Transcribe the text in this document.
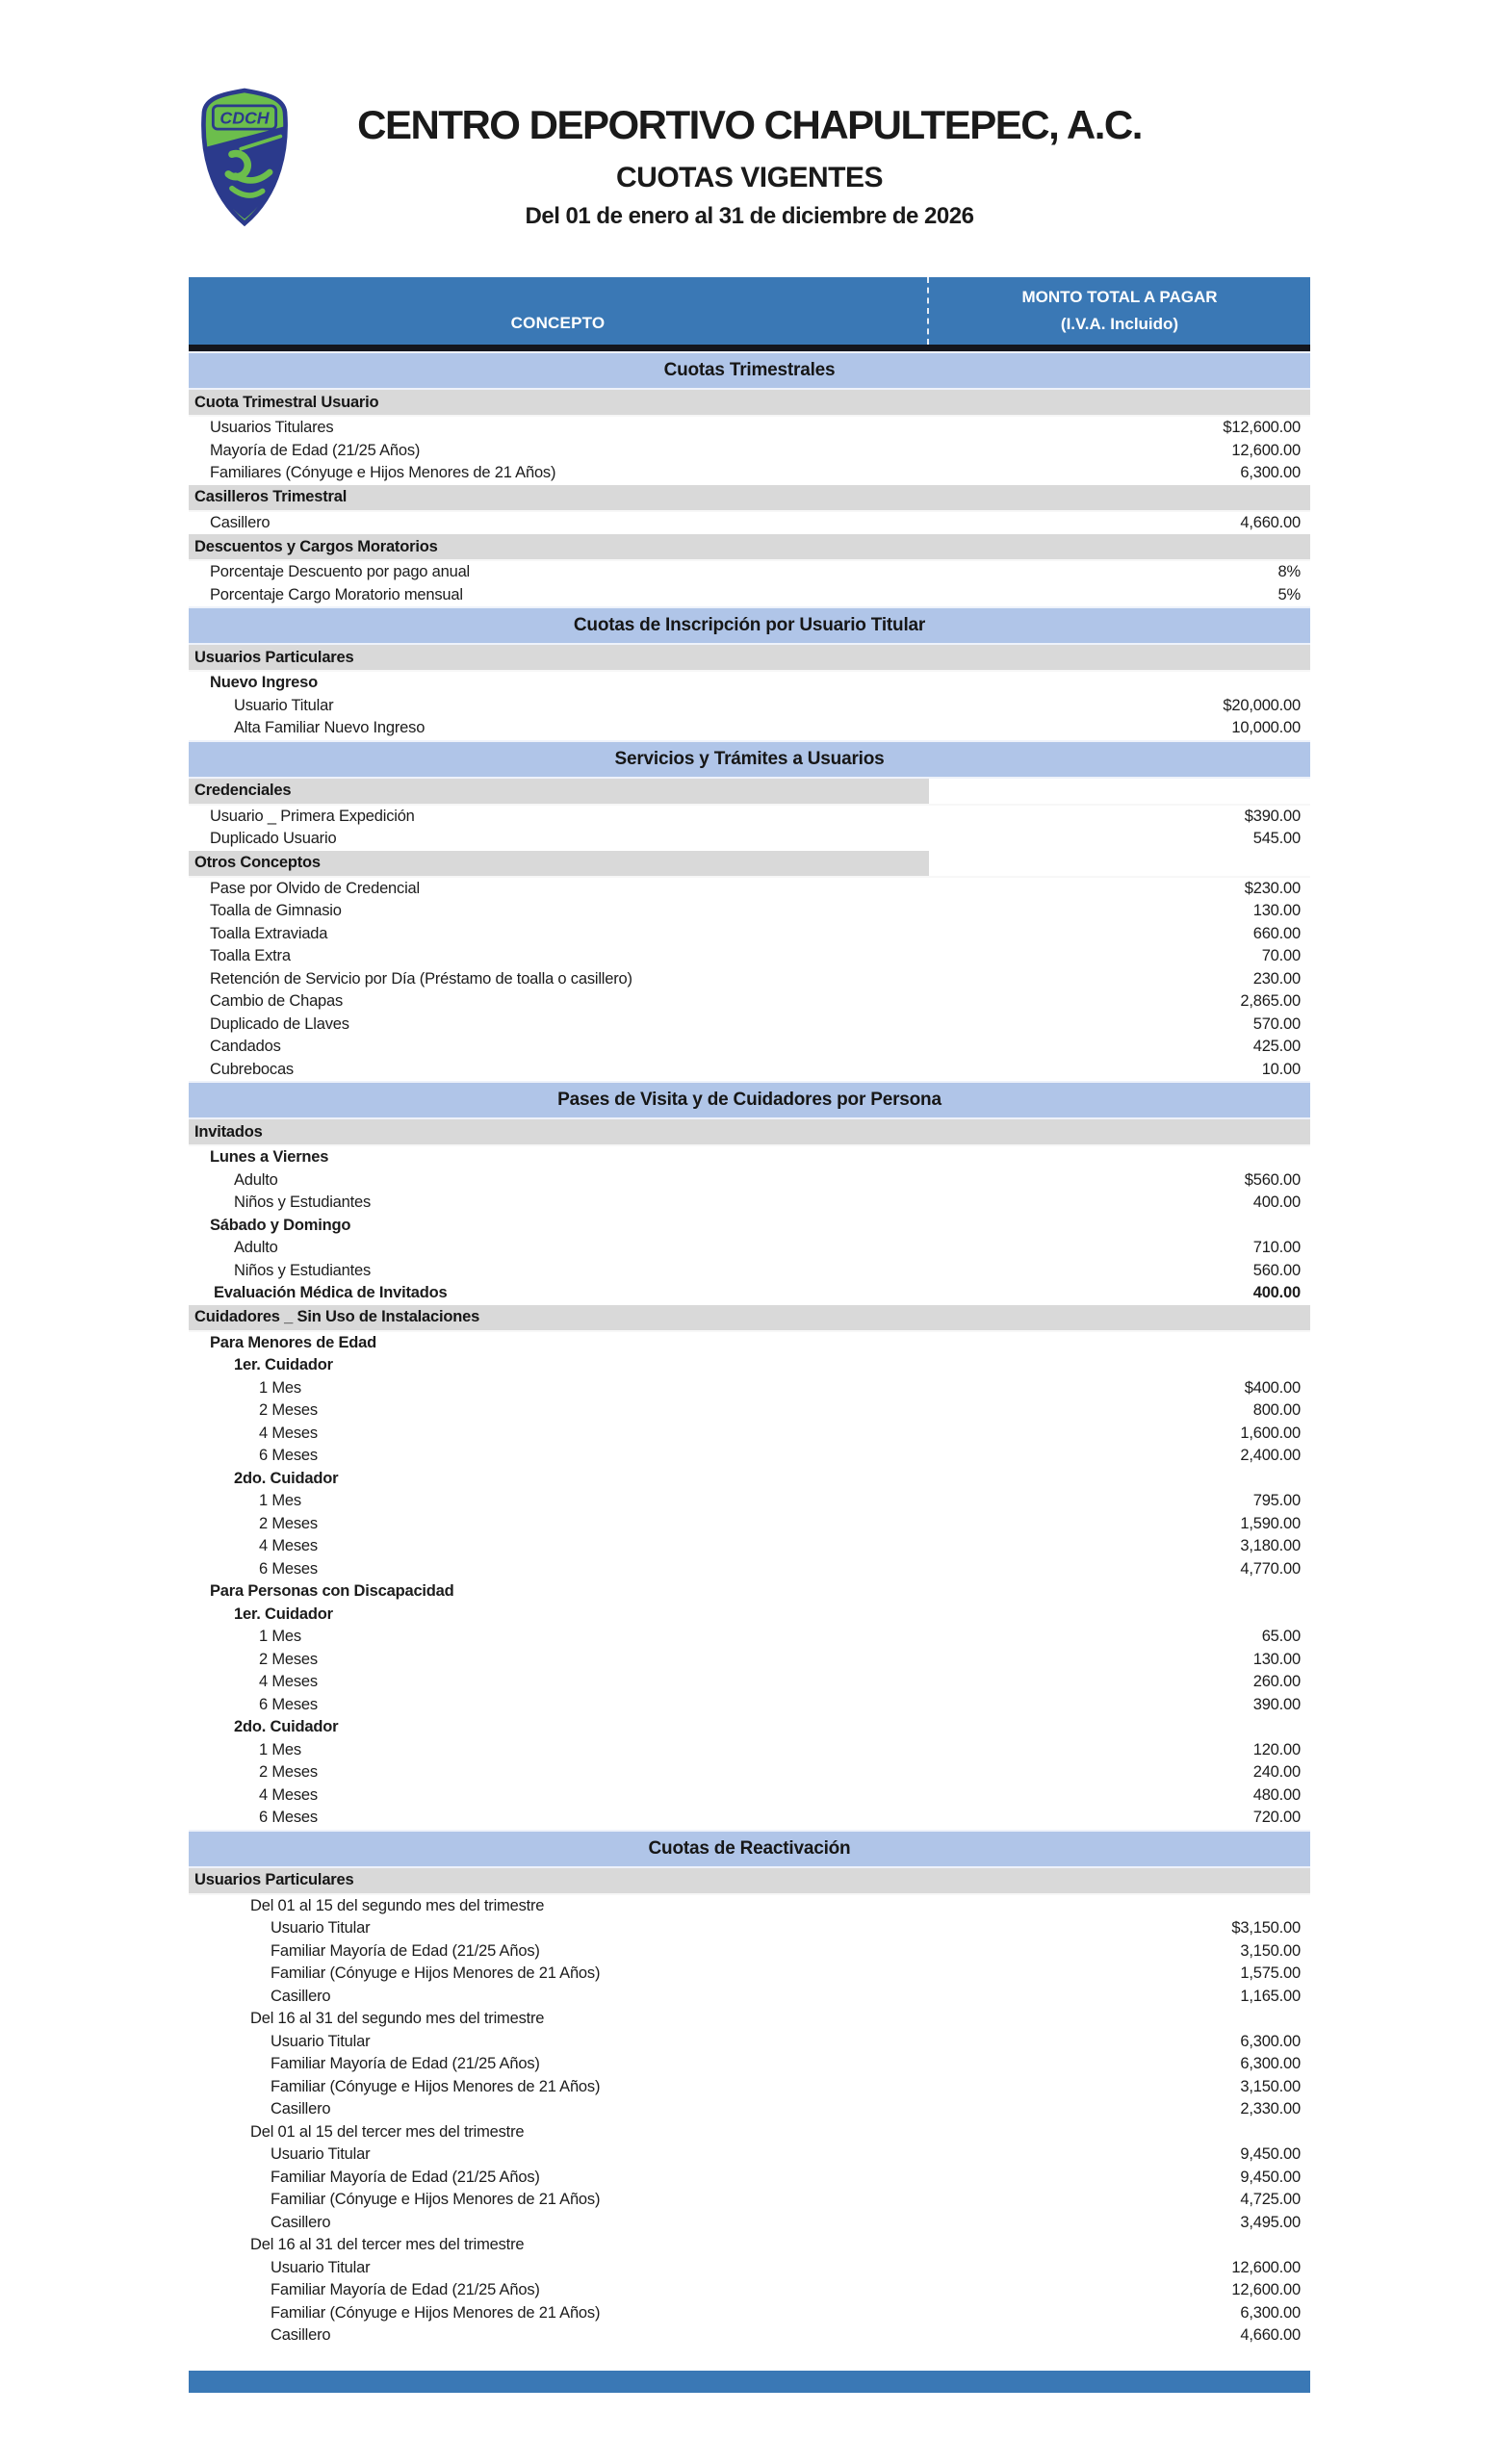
CDCH	CENTRO DEPORTIVO CHAPULTEPEC, A.C.
CUOTAS VIGENTES
Del 01 de enero al 31 de diciembre de 2026
CONCEPTO
MONTO TOTAL A PAGAR
(I.V.A. Incluido)
Cuotas Trimestrales
Cuota Trimestral Usuario
Usuarios Titulares	$12,600.00
Mayoría de Edad (21/25 Años)	12,600.00
Familiares (Cónyuge e Hijos Menores de 21 Años)	6,300.00
Casilleros Trimestral
Casillero	4,660.00
Descuentos y Cargos Moratorios
Porcentaje Descuento por pago anual	8%
Porcentaje Cargo Moratorio mensual	5%
Cuotas de Inscripción por Usuario Titular
Usuarios Particulares
Nuevo Ingreso
Usuario Titular	$20,000.00
Alta Familiar Nuevo Ingreso	10,000.00
Servicios y Trámites a Usuarios
Credenciales
Usuario _ Primera Expedición	$390.00
Duplicado Usuario	545.00
Otros Conceptos
Pase por Olvido de Credencial	$230.00
Toalla de Gimnasio	130.00
Toalla Extraviada	660.00
Toalla Extra	70.00
Retención de Servicio por Día (Préstamo de toalla o casillero)	230.00
Cambio de Chapas	2,865.00
Duplicado de Llaves	570.00
Candados	425.00
Cubrebocas	10.00
Pases de Visita y de Cuidadores por Persona
Invitados
Lunes a Viernes
Adulto	$560.00
Niños y Estudiantes	400.00
Sábado y Domingo
Adulto	710.00
Niños y Estudiantes	560.00
Evaluación Médica de Invitados	400.00
Cuidadores _ Sin Uso de Instalaciones
Para Menores de Edad
1er. Cuidador
1 Mes	$400.00
2 Meses	800.00
4 Meses	1,600.00
6 Meses	2,400.00
2do. Cuidador
1 Mes	795.00
2 Meses	1,590.00
4 Meses	3,180.00
6 Meses	4,770.00
Para Personas con Discapacidad
1er. Cuidador
1 Mes	65.00
2 Meses	130.00
4 Meses	260.00
6 Meses	390.00
2do. Cuidador
1 Mes	120.00
2 Meses	240.00
4 Meses	480.00
6 Meses	720.00
Cuotas de Reactivación
Usuarios Particulares
Del 01 al 15 del segundo mes del trimestre
Usuario Titular	$3,150.00
Familiar Mayoría de Edad (21/25 Años)	3,150.00
Familiar (Cónyuge e Hijos Menores de 21 Años)	1,575.00
Casillero	1,165.00
Del 16 al 31 del segundo mes del trimestre
Usuario Titular	6,300.00
Familiar Mayoría de Edad (21/25 Años)	6,300.00
Familiar (Cónyuge e Hijos Menores de 21 Años)	3,150.00
Casillero	2,330.00
Del 01 al 15 del tercer mes del trimestre
Usuario Titular	9,450.00
Familiar Mayoría de Edad (21/25 Años)	9,450.00
Familiar (Cónyuge e Hijos Menores de 21 Años)	4,725.00
Casillero	3,495.00
Del 16 al 31 del tercer mes del trimestre
Usuario Titular	12,600.00
Familiar Mayoría de Edad (21/25 Años)	12,600.00
Familiar (Cónyuge e Hijos Menores de 21 Años)	6,300.00
Casillero	4,660.00
